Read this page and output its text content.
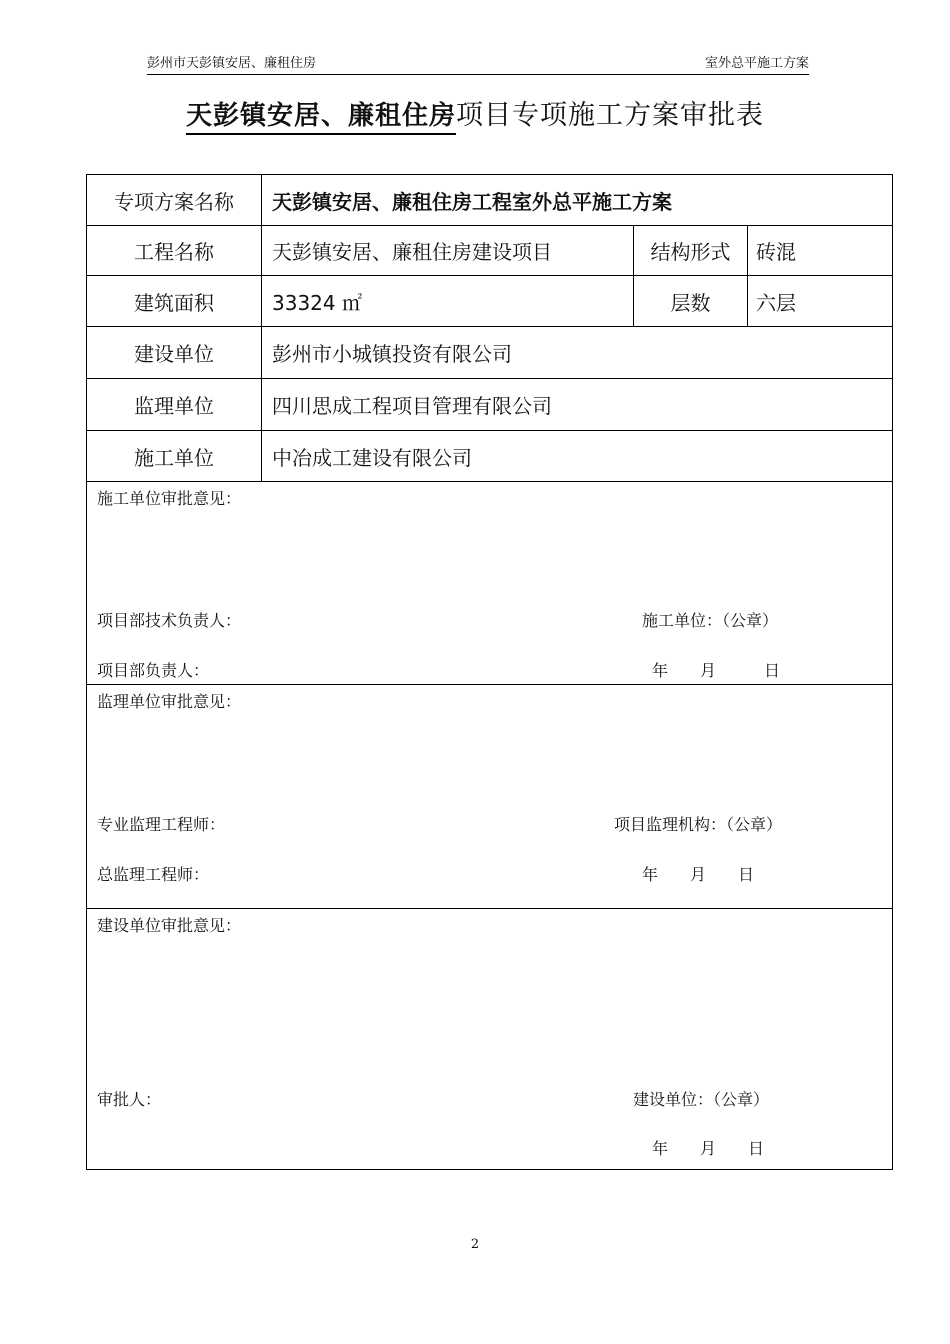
彭州市天彭镇安居、廉租住房	室外总平施工方案
天彭镇安居、廉租住房项目专项施工方案审批表
专项方案名称	天彭镇安居、廉租住房工程室外总平施工方案		
工程名称	天彭镇安居、廉租住房建设项目	结构形式	砖混
建筑面积	33324 ㎡	层数	六层
建设单位	彭州市小城镇投资有限公司		
监理单位	四川思成工程项目管理有限公司		
施工单位	中冶成工建设有限公司		

施工单位审批意见：
项目部技术负责人： 施工单位：（公章）
项目部负责人： 年　　月　　　日			

监理单位审批意见：
专业监理工程师： 项目监理机构：（公章）
总监理工程师： 年　　月　　日			

建设单位审批意见：
审批人： 建设单位：（公章）
年　　月　　日			
2
